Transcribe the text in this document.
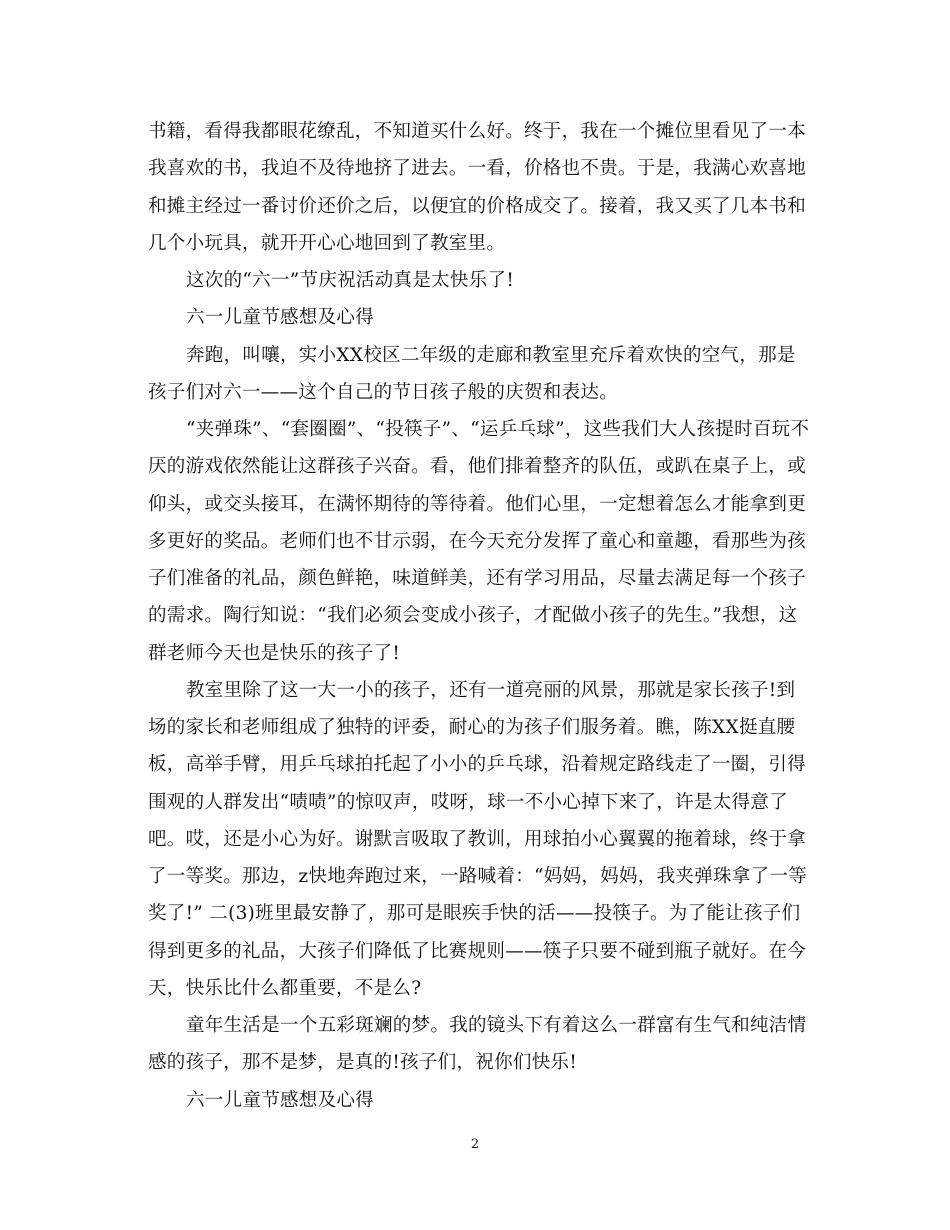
书籍，看得我都眼花缭乱，不知道买什么好。终于，我在一个摊位里看见了一本
我喜欢的书，我迫不及待地挤了进去。一看，价格也不贵。于是，我满心欢喜地
和摊主经过一番讨价还价之后，以便宜的价格成交了。接着，我又买了几本书和
几个小玩具，就开开心心地回到了教室里。
这次的“六一”节庆祝活动真是太快乐了!
六一儿童节感想及心得
奔跑，叫嚷，实小XX校区二年级的走廊和教室里充斥着欢快的空气，那是
孩子们对六一——这个自己的节日孩子般的庆贺和表达。
“夹弹珠”、“套圈圈”、“投筷子”、“运乒乓球”，这些我们大人孩提时百玩不
厌的游戏依然能让这群孩子兴奋。看，他们排着整齐的队伍，或趴在桌子上，或
仰头，或交头接耳，在满怀期待的等待着。他们心里，一定想着怎么才能拿到更
多更好的奖品。老师们也不甘示弱，在今天充分发挥了童心和童趣，看那些为孩
子们准备的礼品，颜色鲜艳，味道鲜美，还有学习用品，尽量去满足每一个孩子
的需求。陶行知说：“我们必须会变成小孩子，才配做小孩子的先生。”我想，这
群老师今天也是快乐的孩子了!
教室里除了这一大一小的孩子，还有一道亮丽的风景，那就是家长孩子!到
场的家长和老师组成了独特的评委，耐心的为孩子们服务着。瞧，陈XX挺直腰
板，高举手臂，用乒乓球拍托起了小小的乒乓球，沿着规定路线走了一圈，引得
围观的人群发出“啧啧”的惊叹声，哎呀，球一不小心掉下来了，许是太得意了
吧。哎，还是小心为好。谢默言吸取了教训，用球拍小心翼翼的拖着球，终于拿
了一等奖。那边，z快地奔跑过来，一路喊着：“妈妈，妈妈，我夹弹珠拿了一等
奖了!” 二(3)班里最安静了，那可是眼疾手快的活——投筷子。为了能让孩子们
得到更多的礼品，大孩子们降低了比赛规则——筷子只要不碰到瓶子就好。在今
天，快乐比什么都重要，不是么?
童年生活是一个五彩斑斓的梦。我的镜头下有着这么一群富有生气和纯洁情
感的孩子，那不是梦，是真的!孩子们，祝你们快乐!
六一儿童节感想及心得
2
